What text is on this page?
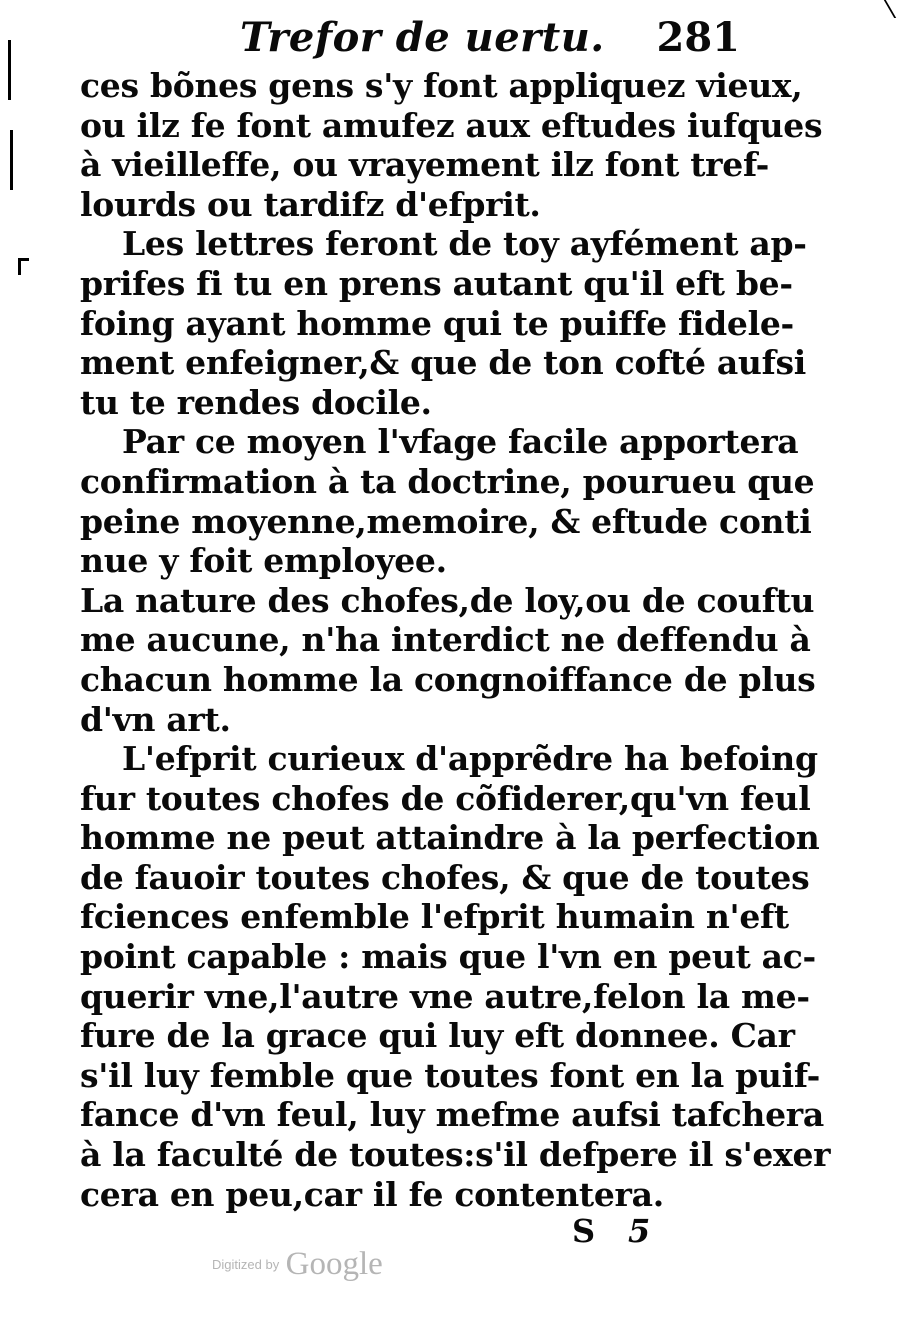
Trefor de uertu. 281
ces bõnes gens s'y font appliquez vieux,
ou ilz fe font amufez aux eftudes iufques
à vieilleffe, ou vrayement ilz font tref-
lourds ou tardifz d'efprit.
Les lettres feront de toy ayfément ap-
prifes fi tu en prens autant qu'il eft be-
foing ayant homme qui te puiffe fidele-
ment enfeigner,& que de ton cofté aufsi
tu te rendes docile.
Par ce moyen l'vfage facile apportera
confirmation à ta doctrine, pourueu que
peine moyenne,memoire, & eftude conti
nue y foit employee.
La nature des chofes,de loy,ou de couftu
me aucune, n'ha interdict ne deffendu à
chacun homme la congnoiffance de plus
d'vn art.
L'efprit curieux d'apprẽdre ha befoing
fur toutes chofes de cõfiderer,qu'vn feul
homme ne peut attaindre à la perfection
de fauoir toutes chofes, & que de toutes
fciences enfemble l'efprit humain n'eft
point capable : mais que l'vn en peut ac-
querir vne,l'autre vne autre,felon la me-
fure de la grace qui luy eft donnee. Car
s'il luy femble que toutes font en la puif-
fance d'vn feul, luy mefme aufsi tafchera
à la faculté de toutes:s'il defpere il s'exer
cera en peu,car il fe contentera.
S 5
Digitized by Google
